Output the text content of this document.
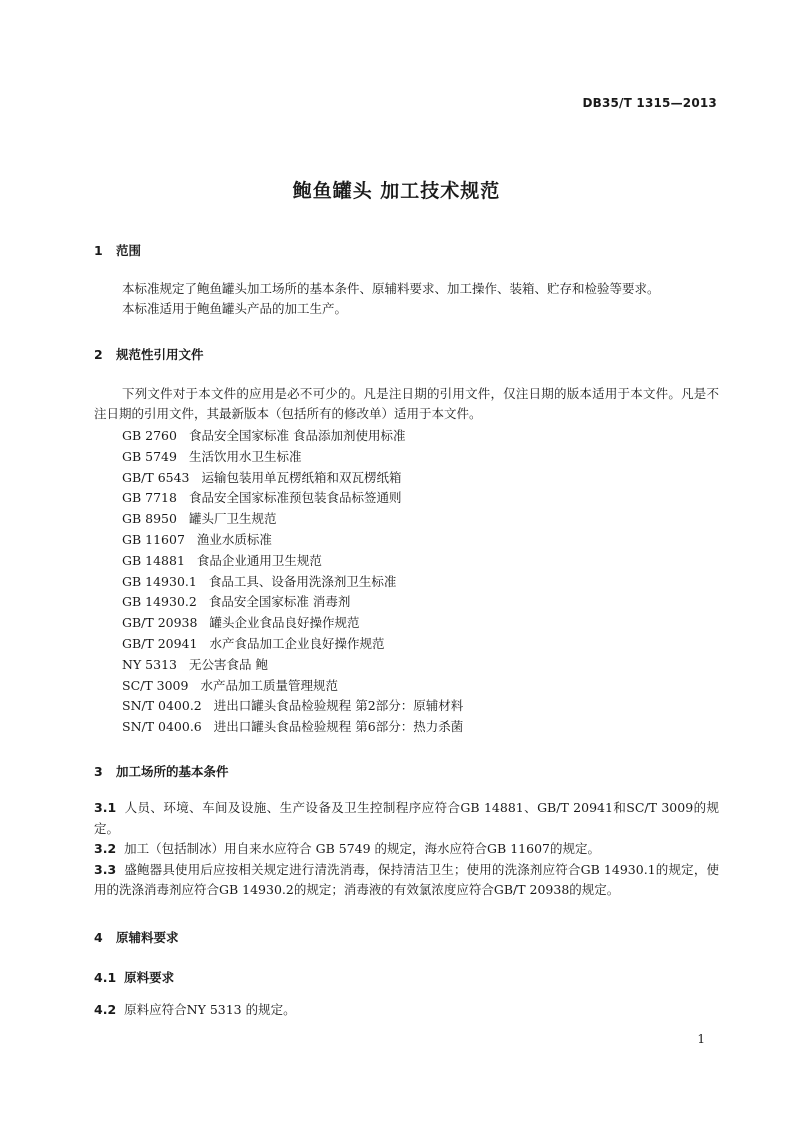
DB35/T 1315—2013
鲍鱼罐头 加工技术规范
1 范围

本标准规定了鲍鱼罐头加工场所的基本条件、原辅料要求、加工操作、装箱、贮存和检验等要求。

本标准适用于鲍鱼罐头产品的加工生产。

2 规范性引用文件

下列文件对于本文件的应用是必不可少的。凡是注日期的引用文件，仅注日期的版本适用于本文件。凡是不注日期的引用文件，其最新版本（包括所有的修改单）适用于本文件。

GB 2760 食品安全国家标准 食品添加剂使用标准
GB 5749 生活饮用水卫生标准
GB/T 6543 运输包装用单瓦楞纸箱和双瓦楞纸箱
GB 7718 食品安全国家标准预包装食品标签通则
GB 8950 罐头厂卫生规范
GB 11607 渔业水质标准
GB 14881 食品企业通用卫生规范
GB 14930.1 食品工具、设备用洗涤剂卫生标准
GB 14930.2 食品安全国家标准 消毒剂
GB/T 20938 罐头企业食品良好操作规范
GB/T 20941 水产食品加工企业良好操作规范
NY 5313 无公害食品 鲍
SC/T 3009 水产品加工质量管理规范
SN/T 0400.2 进出口罐头食品检验规程 第2部分：原辅材料
SN/T 0400.6 进出口罐头食品检验规程 第6部分：热力杀菌
3 加工场所的基本条件
3.1 人员、环境、车间及设施、生产设备及卫生控制程序应符合GB 14881、GB/T 20941和SC/T 3009的规定。
3.2 加工（包括制冰）用自来水应符合 GB 5749 的规定，海水应符合GB 11607的规定。
3.3 盛鲍器具使用后应按相关规定进行清洗消毒，保持清洁卫生；使用的洗涤剂应符合GB 14930.1的规定，使用的洗涤消毒剂应符合GB 14930.2的规定；消毒液的有效氯浓度应符合GB/T 20938的规定。
4 原辅料要求
4.1 原料要求
4.2 原料应符合NY 5313 的规定。
1
